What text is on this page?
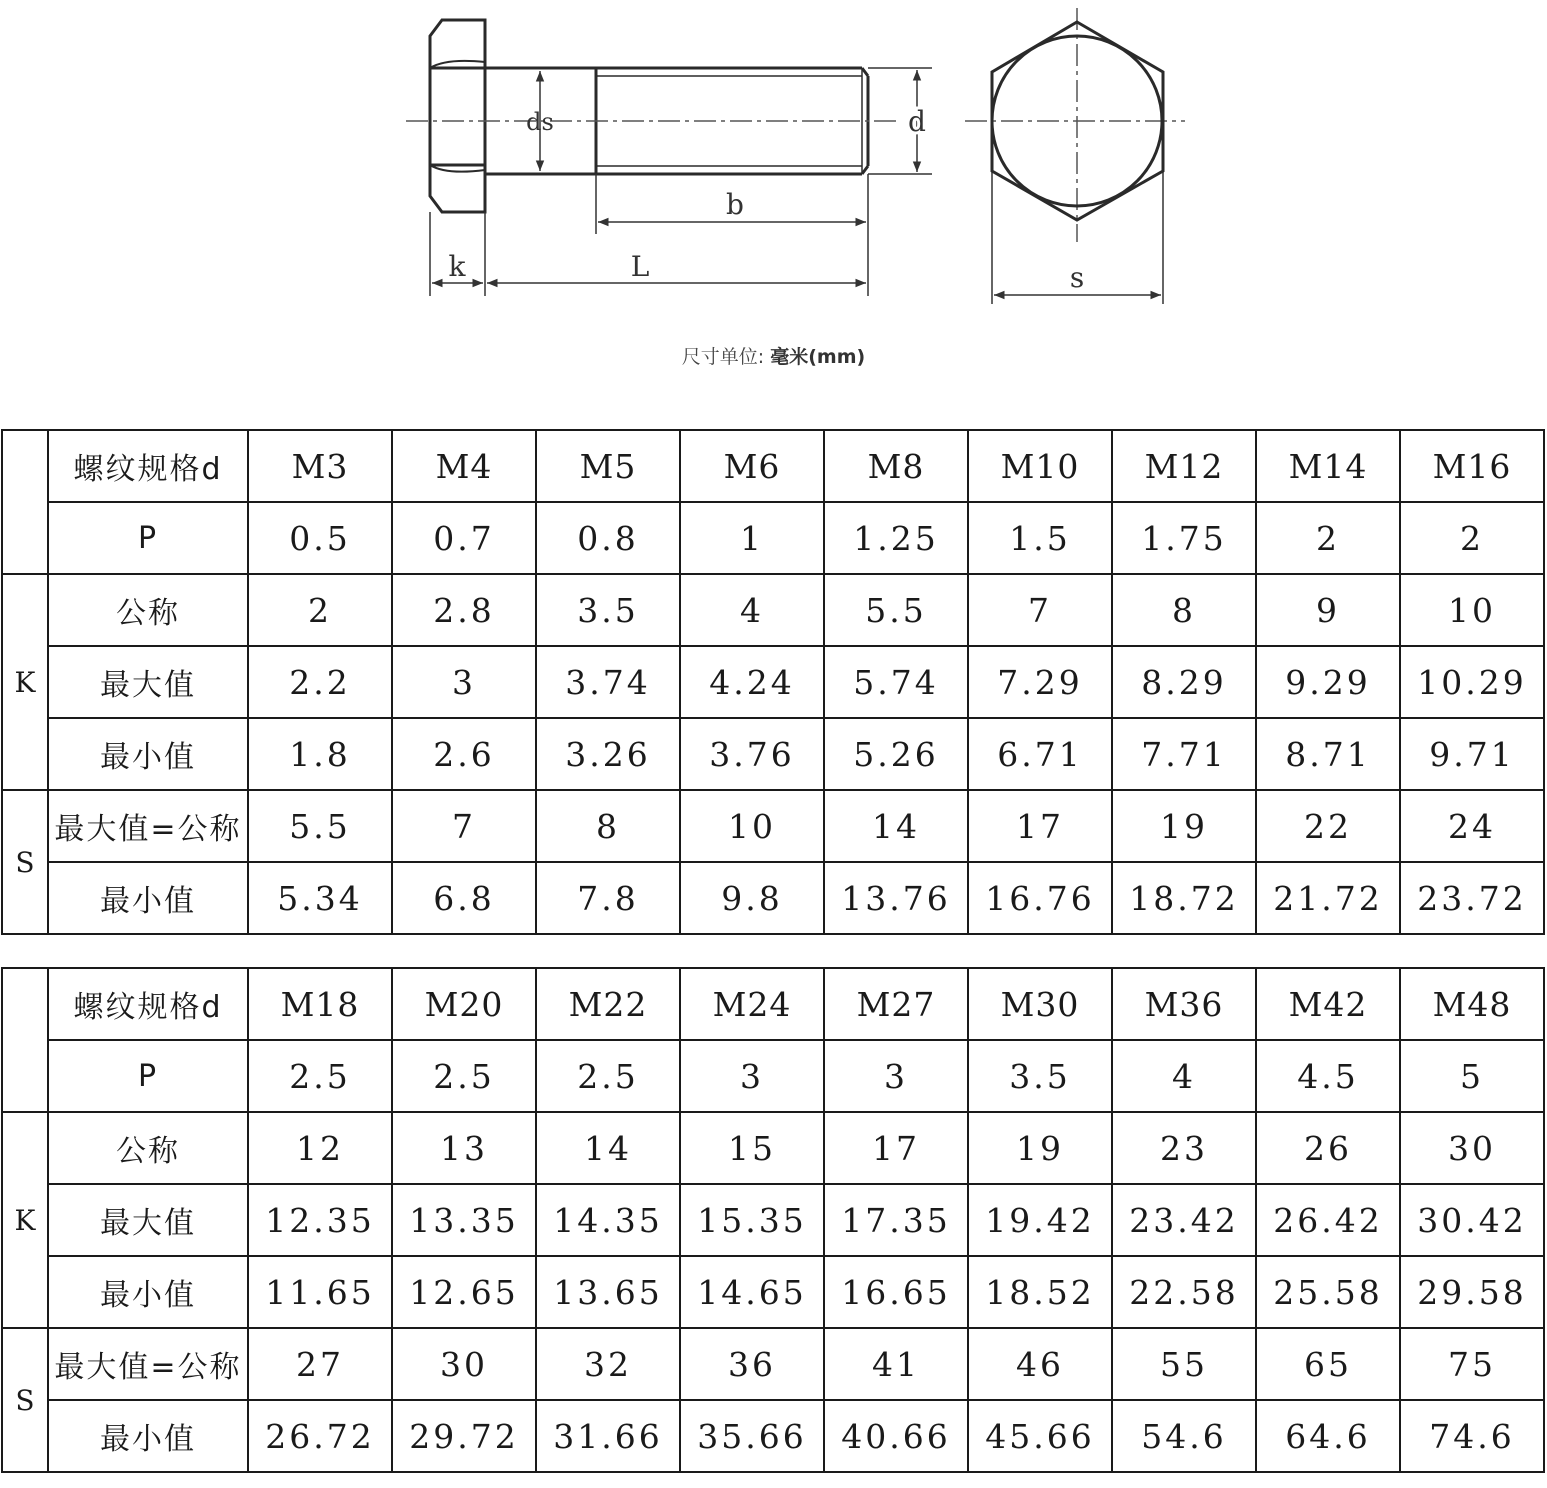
ds	d
b
k	L	s
尺寸单位: 毫米(mm)
	螺纹规格d	M3	M4	M5	M6	M8	M10	M12	M14	M16
	P	0.5	0.7	0.8	1	1.25	1.5	1.75	2	2
K	公称	2	2.8	3.5	4	5.5	7	8	9	10
	最大值	2.2	3	3.74	4.24	5.74	7.29	8.29	9.29	10.29
	最小值	1.8	2.6	3.26	3.76	5.26	6.71	7.71	8.71	9.71
S	最大值=公称	5.5	7	8	10	14	17	19	22	24
	最小值	5.34	6.8	7.8	9.8	13.76	16.76	18.72	21.72	23.72
	螺纹规格d	M18	M20	M22	M24	M27	M30	M36	M42	M48
	P	2.5	2.5	2.5	3	3	3.5	4	4.5	5
K	公称	12	13	14	15	17	19	23	26	30
	最大值	12.35	13.35	14.35	15.35	17.35	19.42	23.42	26.42	30.42
	最小值	11.65	12.65	13.65	14.65	16.65	18.52	22.58	25.58	29.58
S	最大值=公称	27	30	32	36	41	46	55	65	75
	最小值	26.72	29.72	31.66	35.66	40.66	45.66	54.6	64.6	74.6
